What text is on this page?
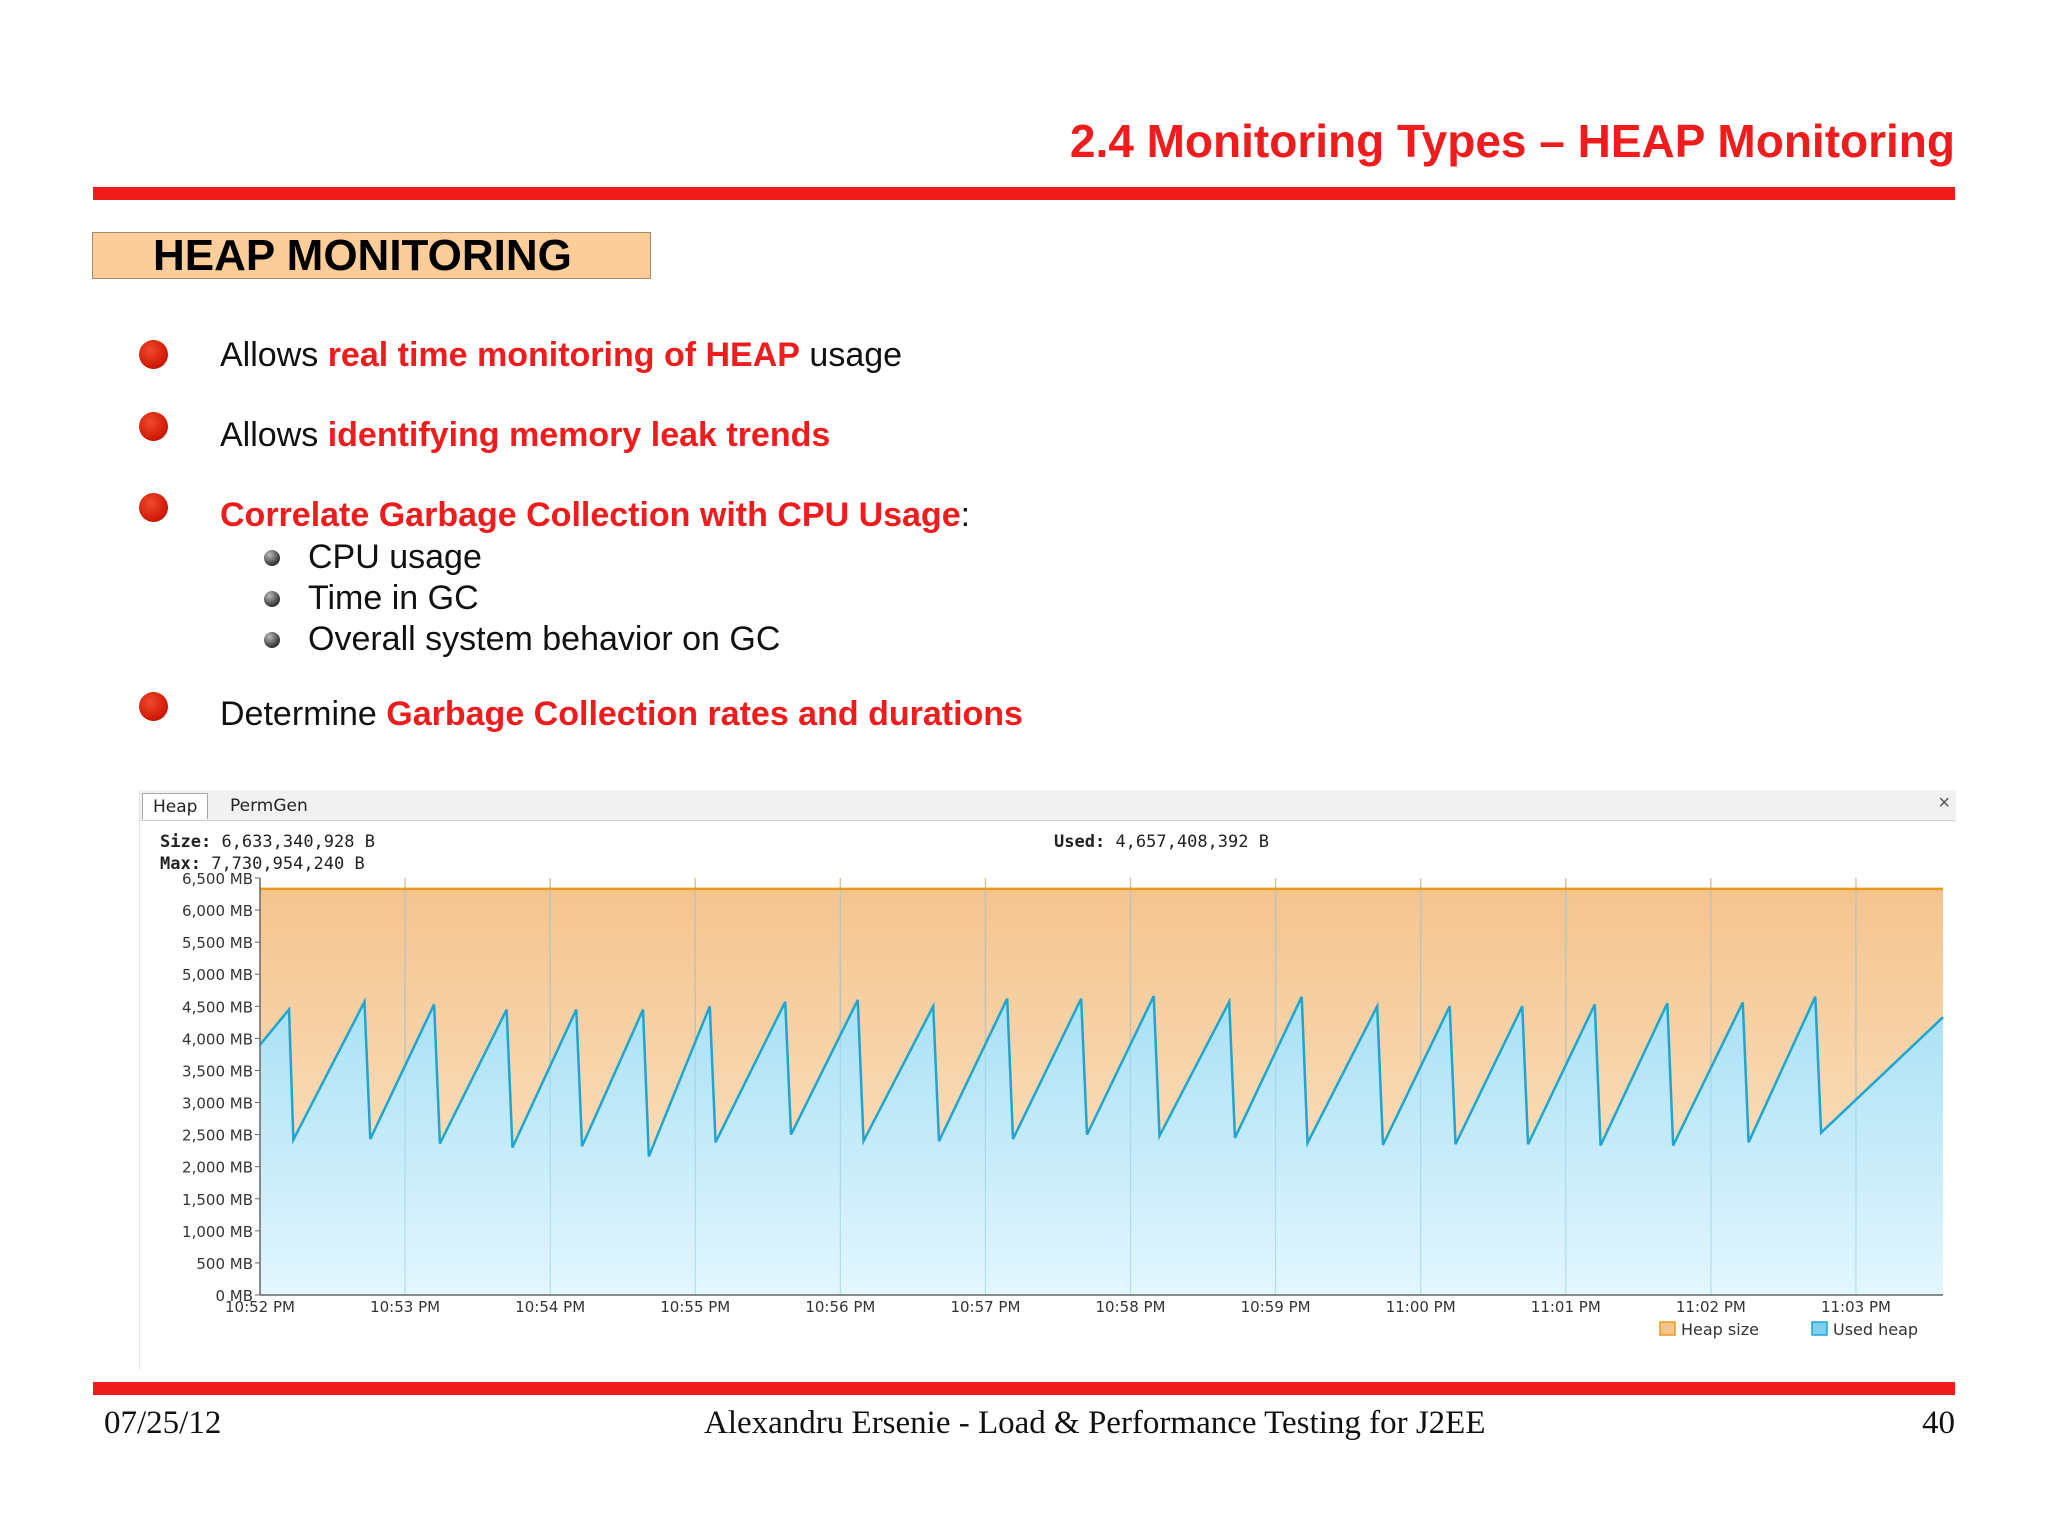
2.4 Monitoring Types – HEAP Monitoring
HEAP MONITORING
Allows real time monitoring of HEAP usage
Allows identifying memory leak trends
Correlate Garbage Collection with CPU Usage:
CPU usage
Time in GC
Overall system behavior on GC
Determine Garbage Collection rates and durations
Heap	PermGen	×
Size: 6,633,340,928 B
Max: 7,730,954,240 B
Used: 4,657,408,392 B
0 MB
500 MB
1,000 MB
1,500 MB
2,000 MB
2,500 MB
3,000 MB
3,500 MB
4,000 MB
4,500 MB
5,000 MB
5,500 MB
6,000 MB
6,500 MB
10:52 PM	10:53 PM	10:54 PM	10:55 PM	10:56 PM	10:57 PM	10:58 PM	10:59 PM	11:00 PM	11:01 PM	11:02 PM	11:03 PM
Heap size	Used heap
07/25/12	Alexandru Ersenie - Load & Performance Testing for J2EE	40
